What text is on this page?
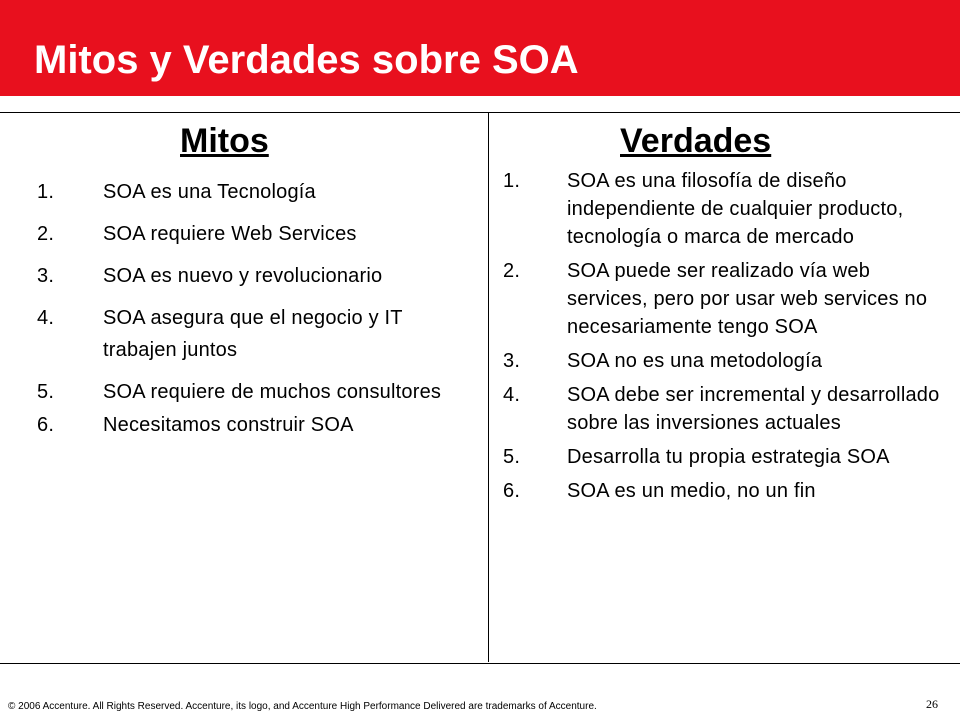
Mitos y Verdades sobre SOA
Mitos	Verdades
1. SOA es una Tecnología
2. SOA requiere Web Services
3. SOA es nuevo y revolucionario
4. SOA asegura que el negocio y IT trabajen juntos
5. SOA requiere de muchos consultores
6. Necesitamos construir SOA
1. SOA es una filosofía de diseño independiente de cualquier producto, tecnología o marca de mercado
2. SOA puede ser realizado vía web services, pero por usar web services no necesariamente tengo SOA
3. SOA no es una metodología
4. SOA debe ser incremental y desarrollado sobre las inversiones actuales
5. Desarrolla tu propia estrategia SOA
6. SOA es un medio, no un fin
© 2006 Accenture. All Rights Reserved. Accenture, its logo, and Accenture High Performance Delivered are trademarks of Accenture.	26
